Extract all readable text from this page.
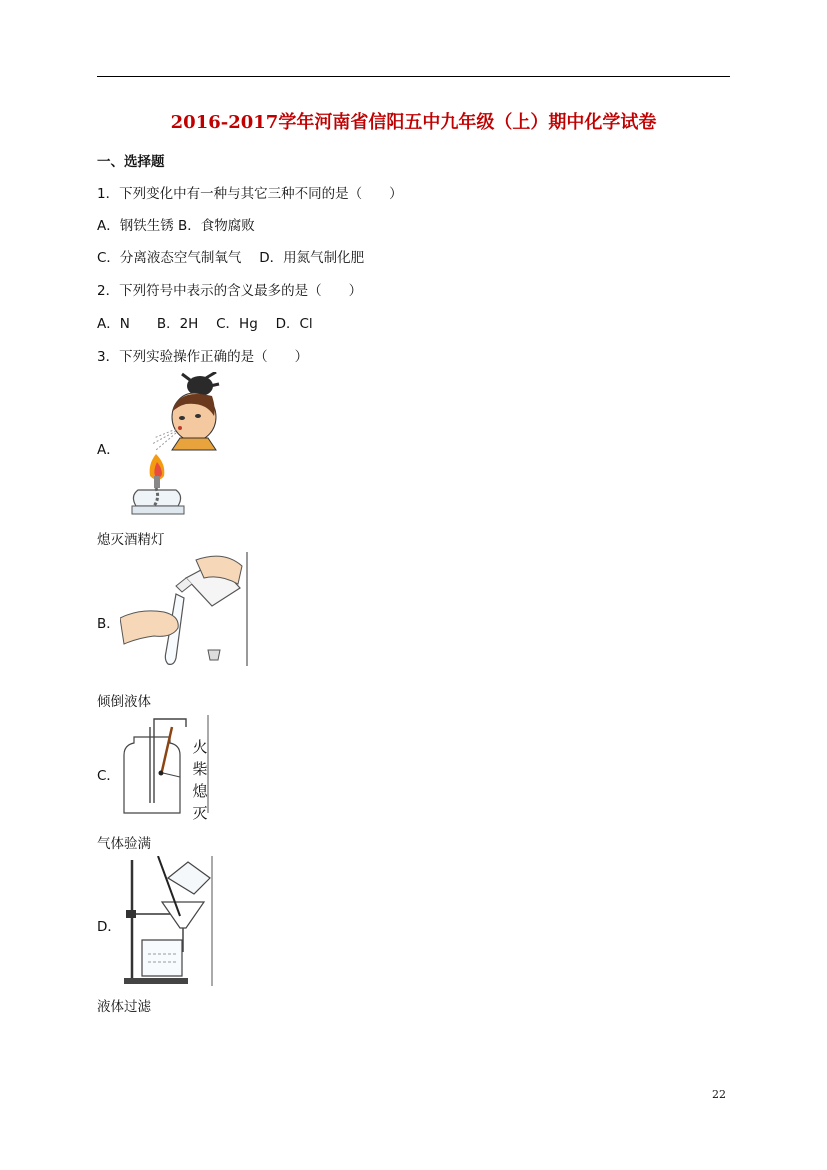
2016-2017学年河南省信阳五中九年级（上）期中化学试卷
一、选择题
1．下列变化中有一种与其它三种不同的是（　　）
A．钢铁生锈 B．食物腐败
C．分离液态空气制氧气　 D．用氮气制化肥
2．下列符号中表示的含义最多的是（　　）
A．N　　B．2H　 C．Hg　 D．Cl
3．下列实验操作正确的是（　　）
A．
熄灭酒精灯
B．
倾倒液体
C．
火
柴
熄
灭
气体验满
D．
液体过滤
22
